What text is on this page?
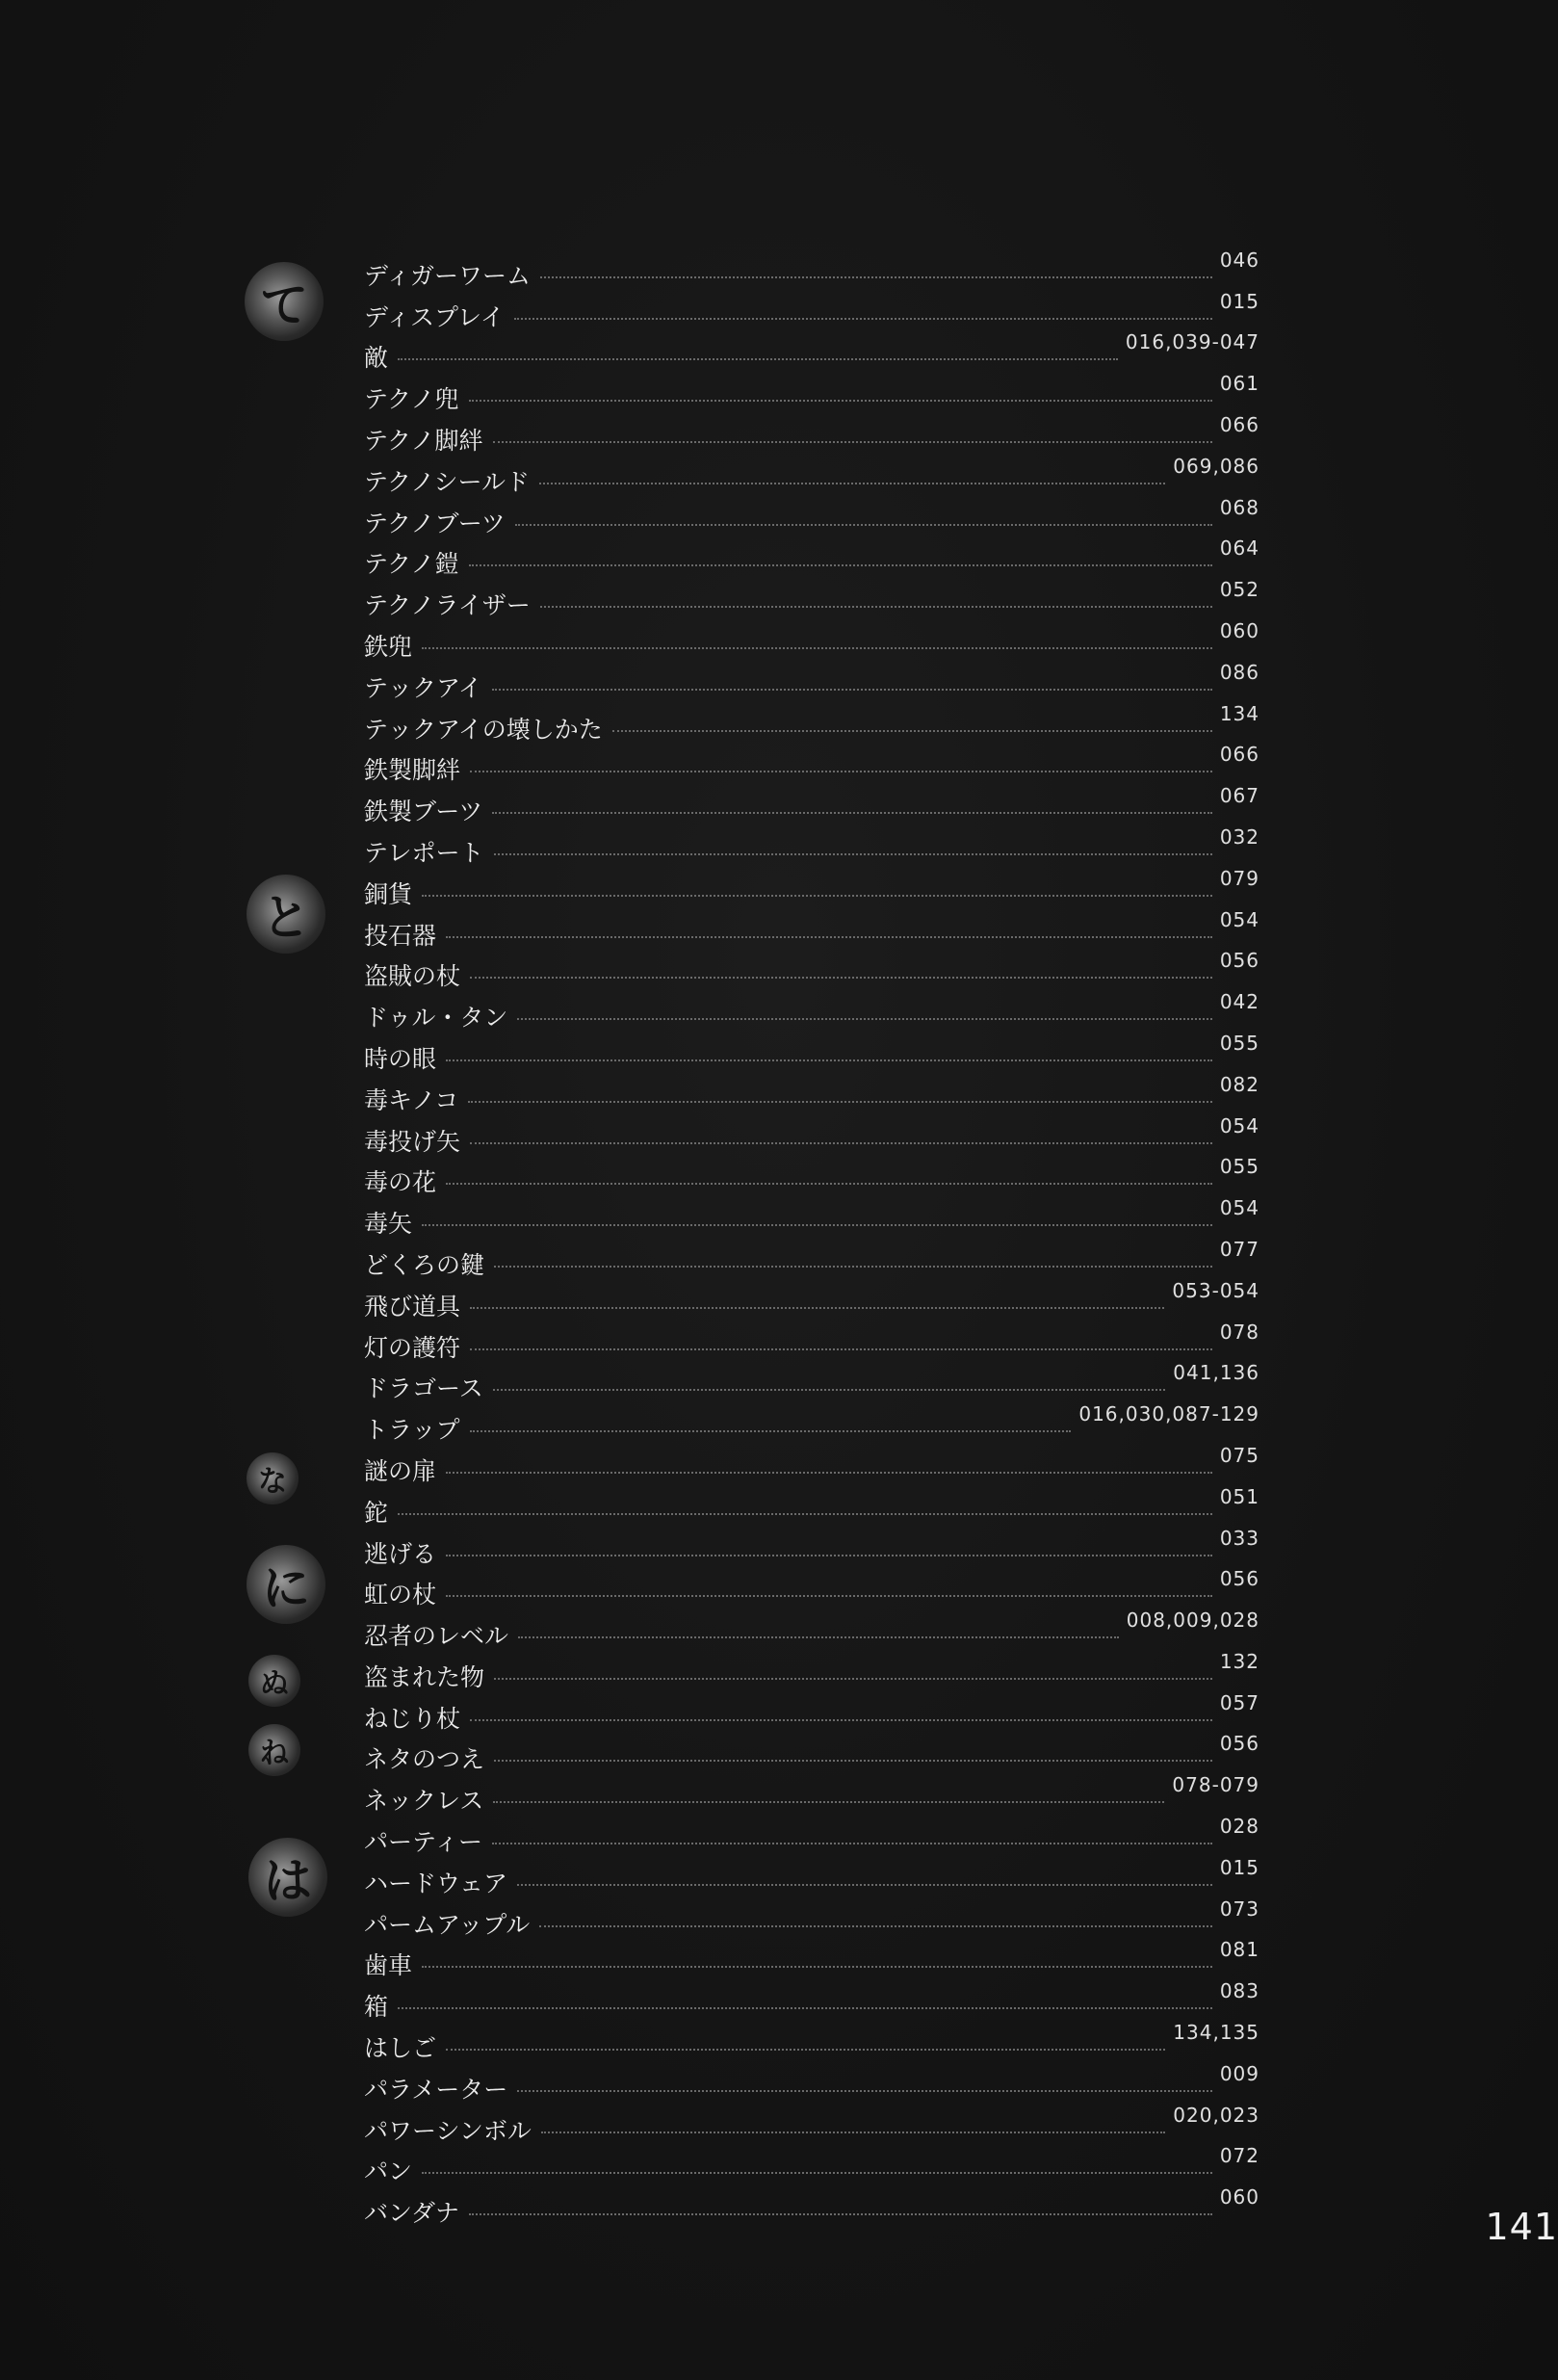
て
と
な
に
ぬ
ね
は
ディガーワーム
046
ディスプレイ
015
敵
016,039-047
テクノ兜
061
テクノ脚絆
066
テクノシールド
069,086
テクノブーツ
068
テクノ鎧
064
テクノライザー
052
鉄兜
060
テックアイ
086
テックアイの壊しかた
134
鉄製脚絆
066
鉄製ブーツ
067
テレポート
032
銅貨
079
投石器
054
盗賊の杖
056
ドゥル・タン
042
時の眼
055
毒キノコ
082
毒投げ矢
054
毒の花
055
毒矢
054
どくろの鍵
077
飛び道具
053-054
灯の護符
078
ドラゴース
041,136
トラップ
016,030,087-129
謎の扉
075
鉈
051
逃げる
033
虹の杖
056
忍者のレベル
008,009,028
盗まれた物
132
ねじり杖
057
ネタのつえ
056
ネックレス
078-079
パーティー
028
ハードウェア
015
パームアップル
073
歯車
081
箱
083
はしご
134,135
パラメーター
009
パワーシンボル
020,023
パン
072
バンダナ
060
141
